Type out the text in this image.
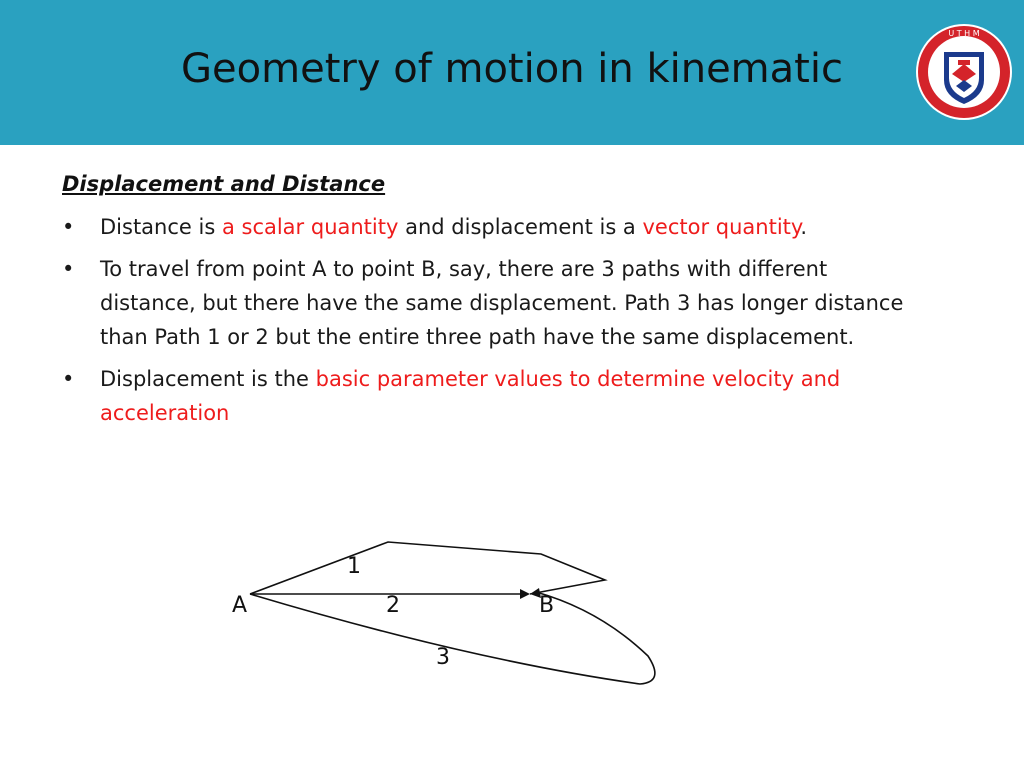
Geometry of motion in kinematic
U T H M
Displacement and Distance
• Distance is a scalar quantity and displacement is a vector quantity.
• To travel from point A to point B, say, there are 3 paths with different distance, but there have the same displacement. Path 3 has longer distance than Path 1 or 2 but the entire three path have the same displacement.
• Displacement is the basic parameter values to determine velocity and acceleration
A	B
1
2
3
